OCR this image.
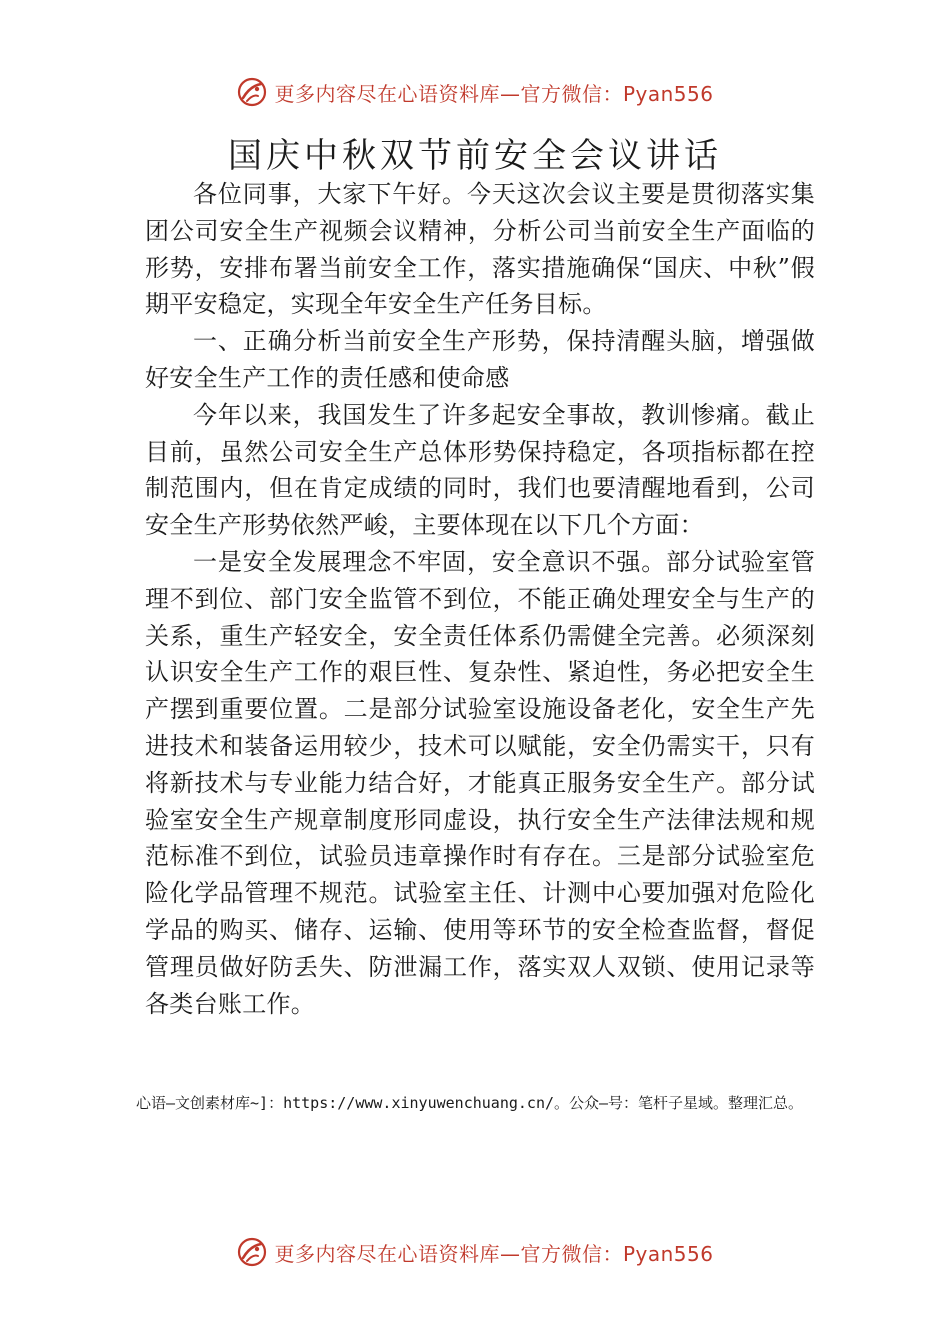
更多内容尽在心语资料库—官方微信：Pyan556
国庆中秋双节前安全会议讲话

各位同事，大家下午好。今天这次会议主要是贯彻落实集团公司安全生产视频会议精神，分析公司当前安全生产面临的形势，安排布署当前安全工作，落实措施确保“国庆、中秋”假期平安稳定，实现全年安全生产任务目标。

一、正确分析当前安全生产形势，保持清醒头脑，增强做好安全生产工作的责任感和使命感

今年以来，我国发生了许多起安全事故，教训惨痛。截止目前，虽然公司安全生产总体形势保持稳定，各项指标都在控制范围内，但在肯定成绩的同时，我们也要清醒地看到，公司安全生产形势依然严峻，主要体现在以下几个方面：

一是安全发展理念不牢固，安全意识不强。部分试验室管理不到位、部门安全监管不到位，不能正确处理安全与生产的关系，重生产轻安全，安全责任体系仍需健全完善。必须深刻认识安全生产工作的艰巨性、复杂性、紧迫性，务必把安全生产摆到重要位置。二是部分试验室设施设备老化，安全生产先进技术和装备运用较少，技术可以赋能，安全仍需实干，只有将新技术与专业能力结合好，才能真正服务安全生产。部分试验室安全生产规章制度形同虚设，执行安全生产法律法规和规范标准不到位，试验员违章操作时有存在。三是部分试验室危险化学品管理不规范。试验室主任、计测中心要加强对危险化学品的购买、储存、运输、使用等环节的安全检查监督，督促管理员做好防丢失、防泄漏工作，落实双人双锁、使用记录等各类台账工作。

心语—文创素材库~]：https://www.xinyuwenchuang.cn/。公众—号：笔杆子星域。整理汇总。
更多内容尽在心语资料库—官方微信：Pyan556
